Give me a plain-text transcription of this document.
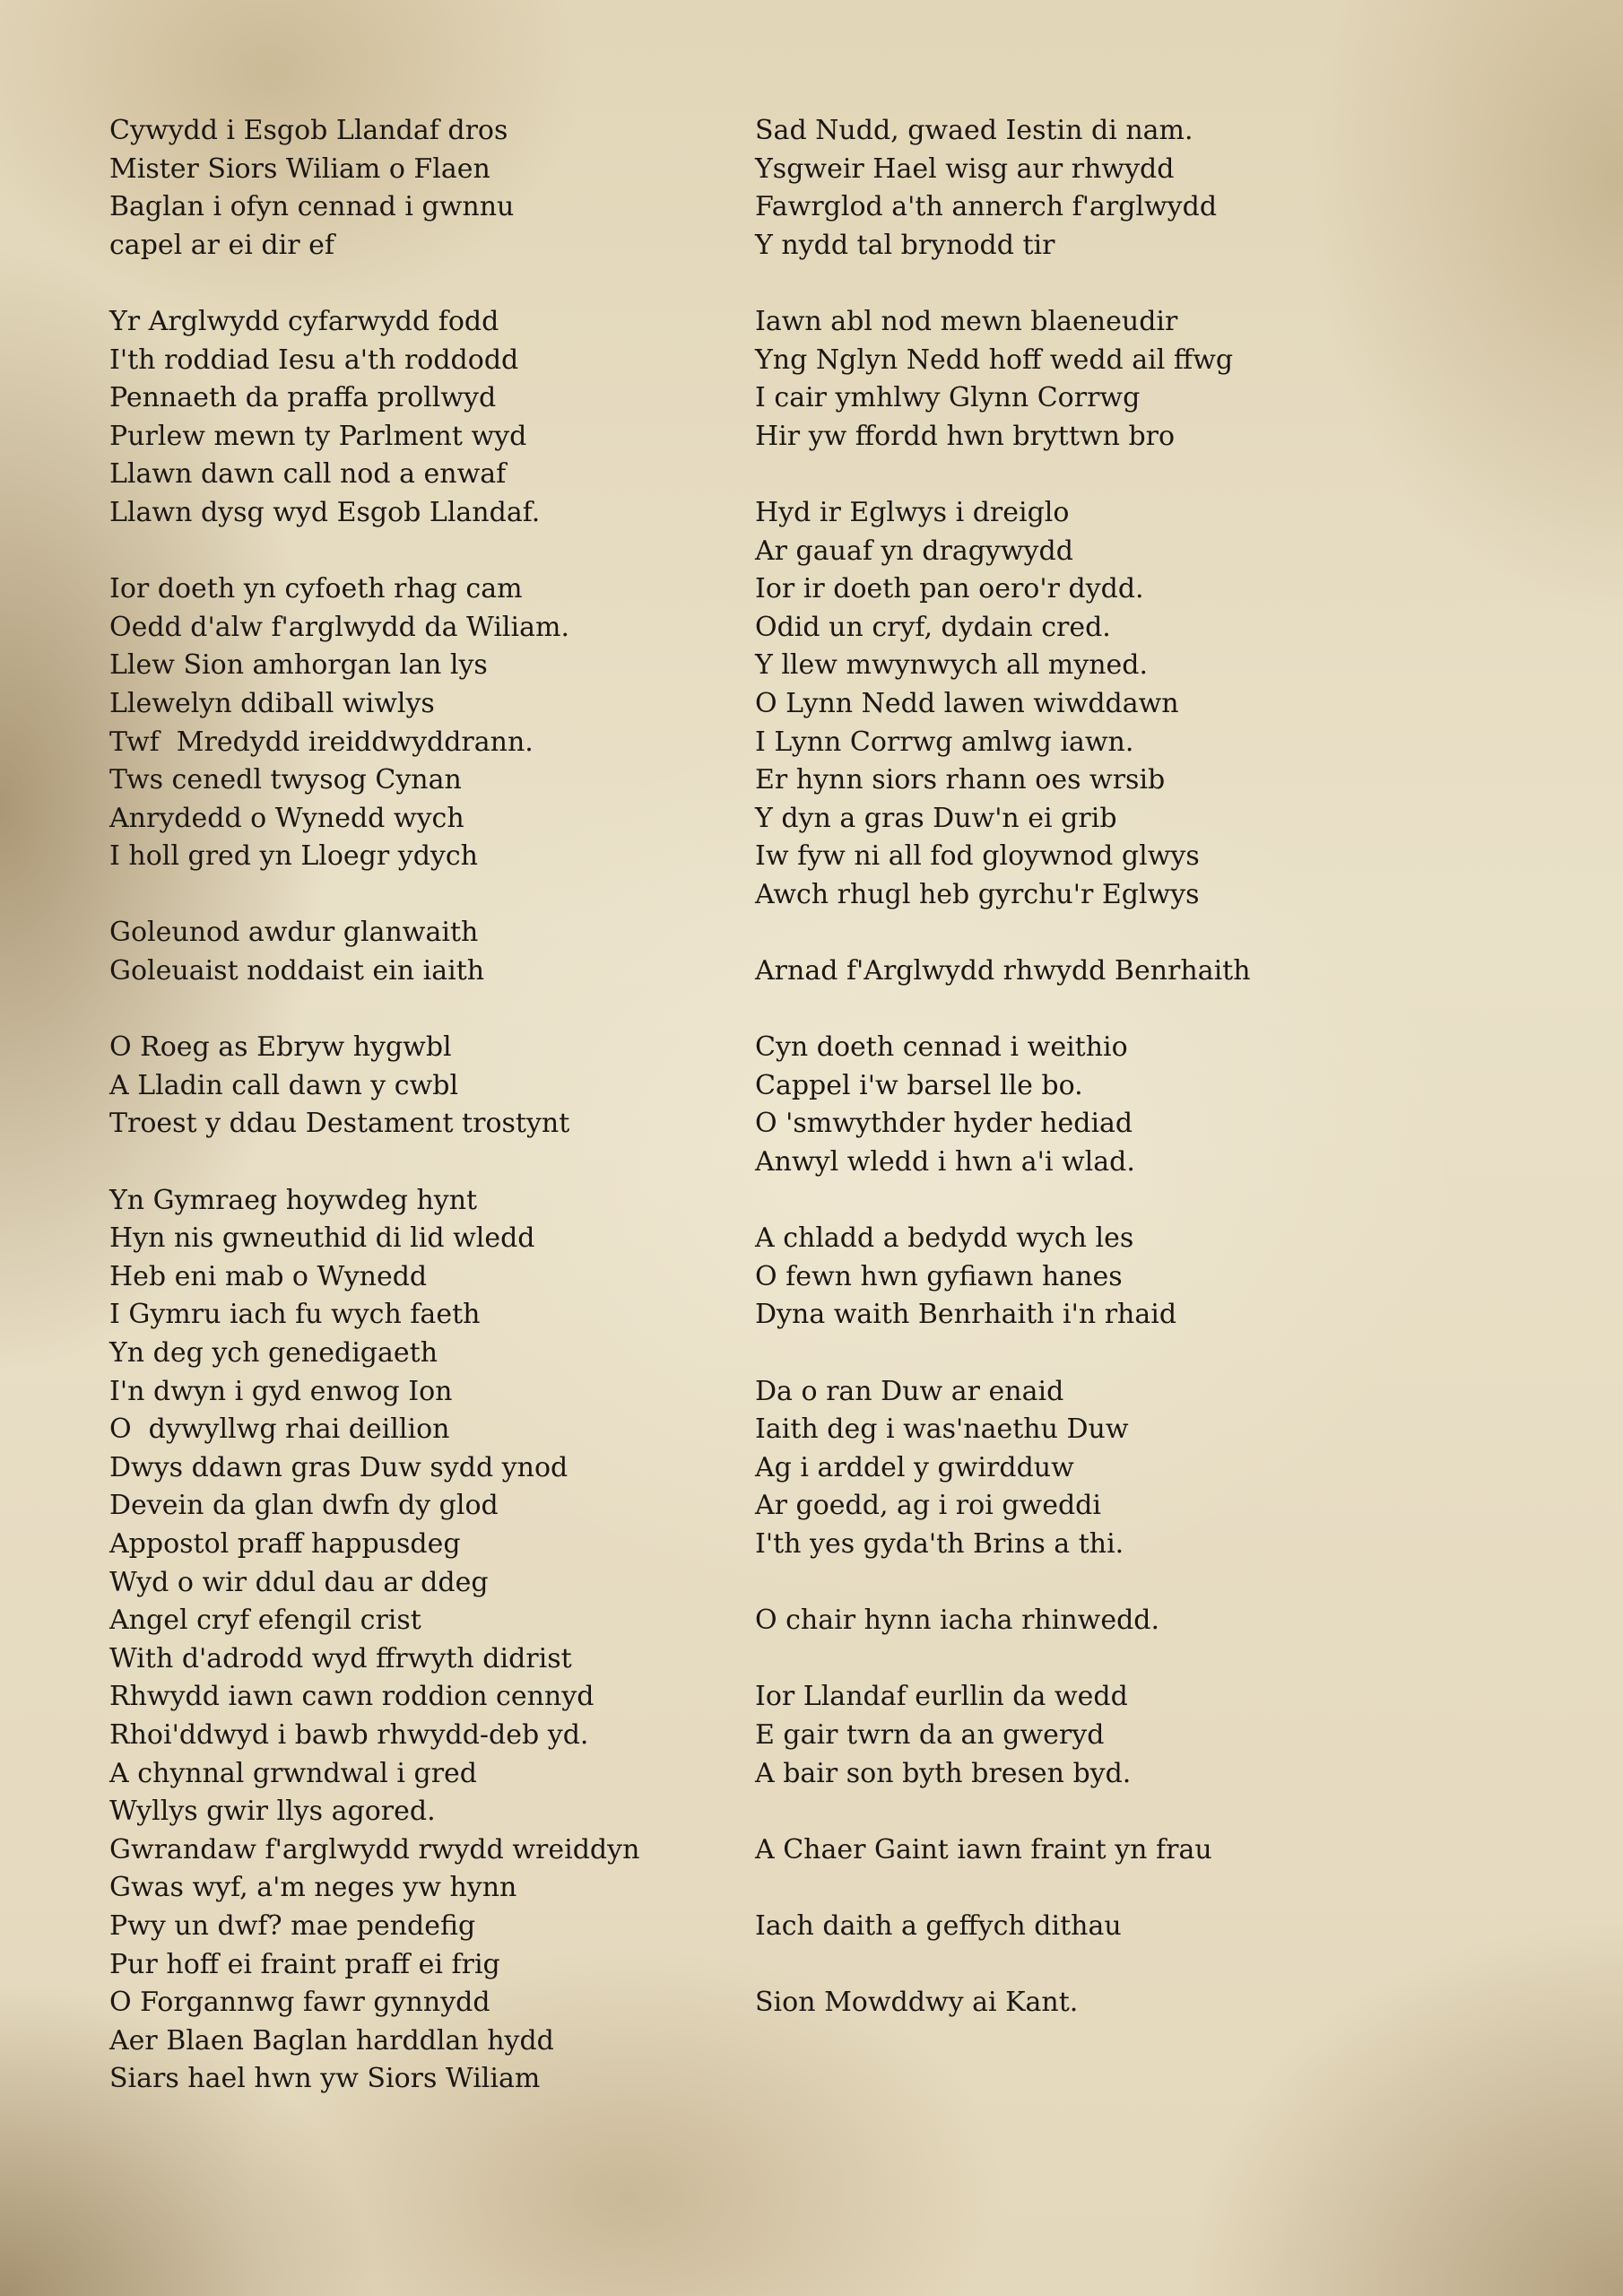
Cywydd i Esgob Llandaf dros
Mister Siors Wiliam o Flaen
Baglan i ofyn cennad i gwnnu
capel ar ei dir ef
Yr Arglwydd cyfarwydd fodd
I'th roddiad Iesu a'th roddodd
Pennaeth da praffa prollwyd
Purlew mewn ty Parlment wyd
Llawn dawn call nod a enwaf
Llawn dysg wyd Esgob Llandaf.
Ior doeth yn cyfoeth rhag cam
Oedd d'alw f'arglwydd da Wiliam.
Llew Sion amhorgan lan lys
Llewelyn ddiball wiwlys
Twf  Mredydd ireiddwyddrann.
Tws cenedl twysog Cynan
Anrydedd o Wynedd wych
I holl gred yn Lloegr ydych
Goleunod awdur glanwaith
Goleuaist noddaist ein iaith
O Roeg as Ebryw hygwbl
A Lladin call dawn y cwbl
Troest y ddau Destament trostynt
Yn Gymraeg hoywdeg hynt
Hyn nis gwneuthid di lid wledd
Heb eni mab o Wynedd
I Gymru iach fu wych faeth
Yn deg ych genedigaeth
I'n dwyn i gyd enwog Ion
O  dywyllwg rhai deillion
Dwys ddawn gras Duw sydd ynod
Devein da glan dwfn dy glod
Appostol praff happusdeg
Wyd o wir ddul dau ar ddeg
Angel cryf efengil crist
With d'adrodd wyd ffrwyth didrist
Rhwydd iawn cawn roddion cennyd
Rhoi'ddwyd i bawb rhwydd-deb yd.
A chynnal grwndwal i gred
Wyllys gwir llys agored.
Gwrandaw f'arglwydd rwydd wreiddyn
Gwas wyf, a'm neges yw hynn
Pwy un dwf? mae pendefig
Pur hoff ei fraint praff ei frig
O Forgannwg fawr gynnydd
Aer Blaen Baglan harddlan hydd
Siars hael hwn yw Siors Wiliam
Sad Nudd, gwaed Iestin di nam.
Ysgweir Hael wisg aur rhwydd
Fawrglod a'th annerch f'arglwydd
Y nydd tal brynodd tir
Iawn abl nod mewn blaeneudir
Yng Nglyn Nedd hoff wedd ail ffwg
I cair ymhlwy Glynn Corrwg
Hir yw ffordd hwn bryttwn bro
Hyd ir Eglwys i dreiglo
Ar gauaf yn dragywydd
Ior ir doeth pan oero'r dydd.
Odid un cryf, dydain cred.
Y llew mwynwych all myned.
O Lynn Nedd lawen wiwddawn
I Lynn Corrwg amlwg iawn.
Er hynn siors rhann oes wrsib
Y dyn a gras Duw'n ei grib
Iw fyw ni all fod gloywnod glwys
Awch rhugl heb gyrchu'r Eglwys
Arnad f'Arglwydd rhwydd Benrhaith
Cyn doeth cennad i weithio
Cappel i'w barsel lle bo.
O 'smwythder hyder hediad
Anwyl wledd i hwn a'i wlad.
A chladd a bedydd wych les
O fewn hwn gyfiawn hanes
Dyna waith Benrhaith i'n rhaid
Da o ran Duw ar enaid
Iaith deg i was'naethu Duw
Ag i arddel y gwirdduw
Ar goedd, ag i roi gweddi
I'th yes gyda'th Brins a thi.
O chair hynn iacha rhinwedd.
Ior Llandaf eurllin da wedd
E gair twrn da an gweryd
A bair son byth bresen byd.
A Chaer Gaint iawn fraint yn frau
Iach daith a geffych dithau
Sion Mowddwy ai Kant.
